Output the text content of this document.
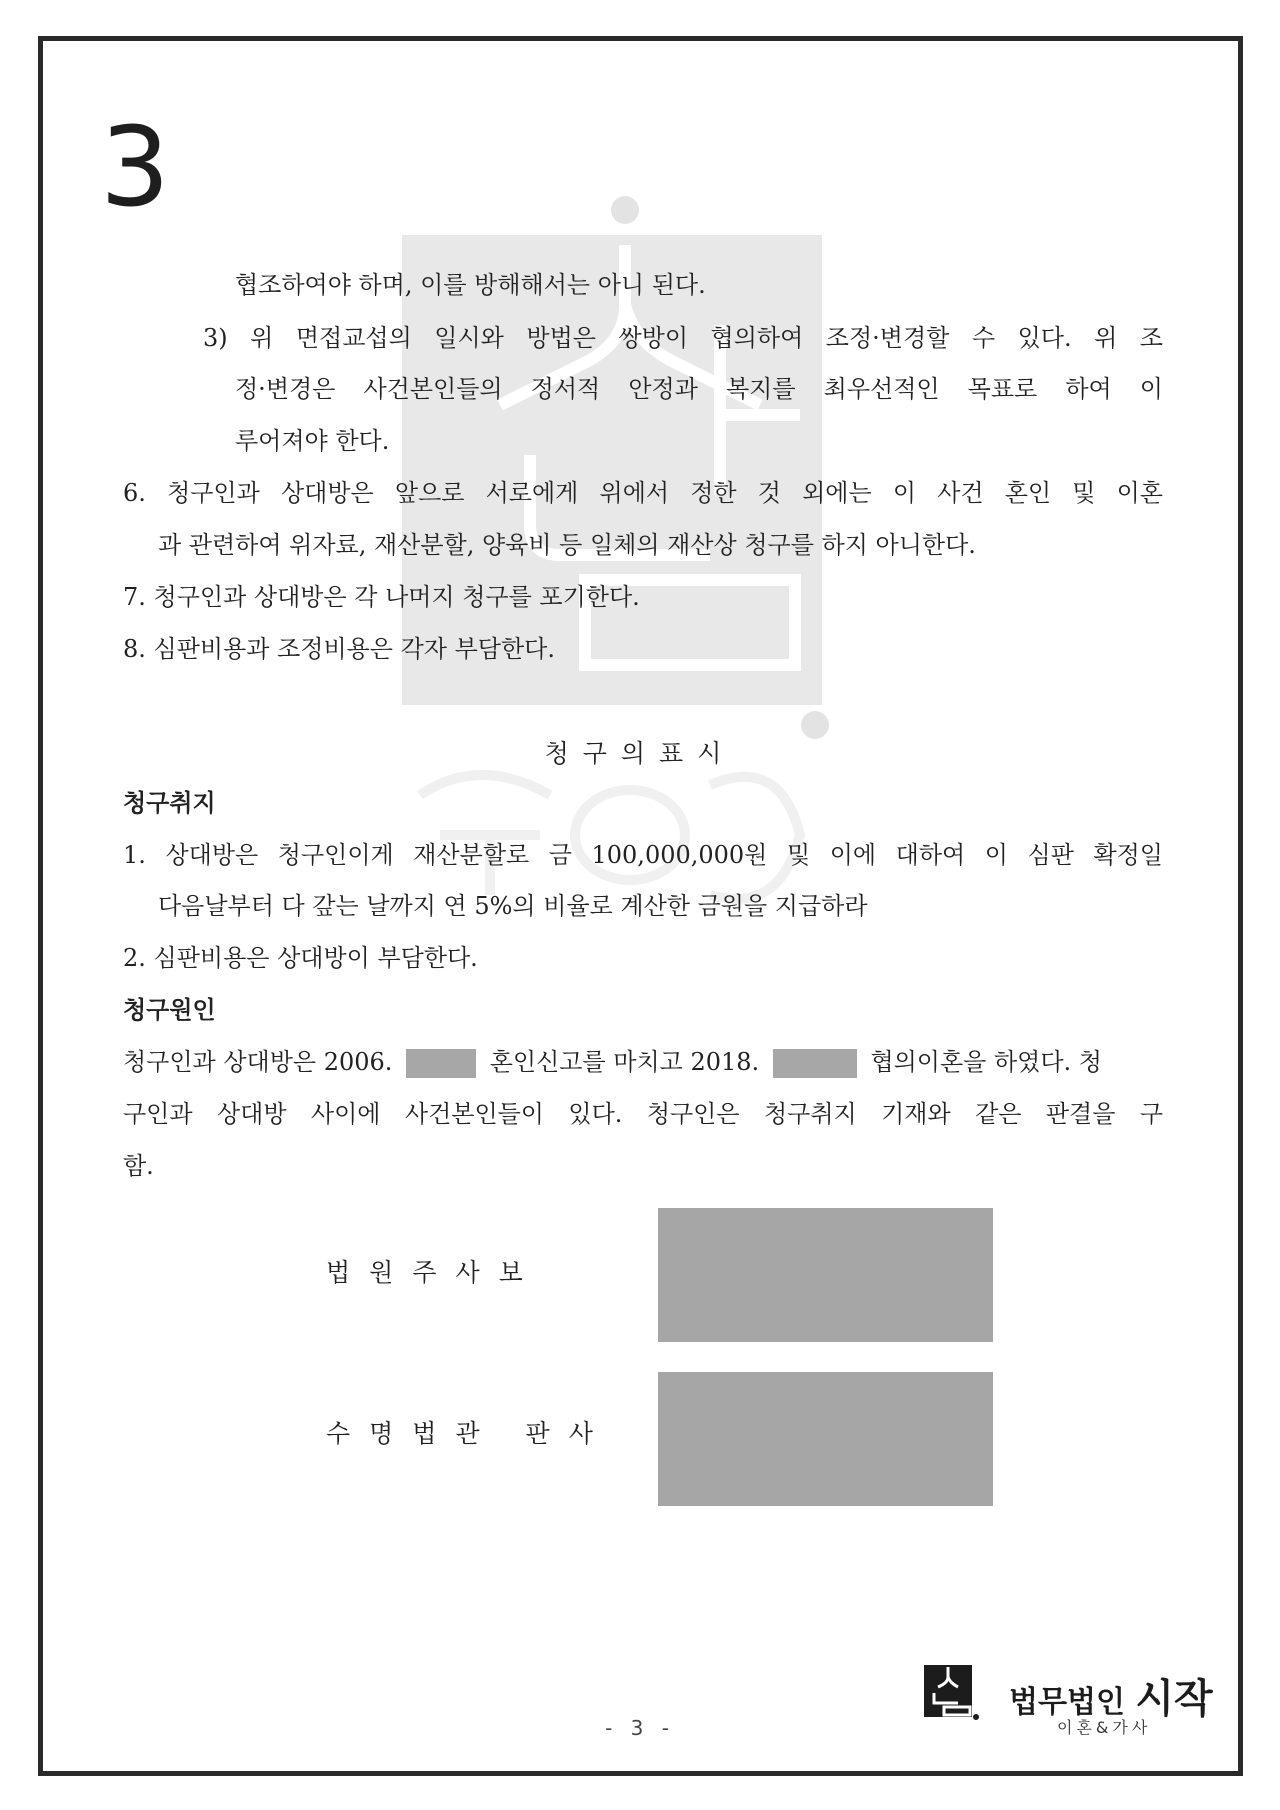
3
협조하여야 하며, 이를 방해해서는 아니 된다.
3) 위 면접교섭의 일시와 방법은 쌍방이 협의하여 조정·변경할 수 있다. 위 조
정·변경은 사건본인들의 정서적 안정과 복지를 최우선적인 목표로 하여 이
루어져야 한다.
6. 청구인과 상대방은 앞으로 서로에게 위에서 정한 것 외에는 이 사건 혼인 및 이혼
과 관련하여 위자료, 재산분할, 양육비 등 일체의 재산상 청구를 하지 아니한다.
7. 청구인과 상대방은 각 나머지 청구를 포기한다.
8. 심판비용과 조정비용은 각자 부담한다.
청구의표시
청구취지
1. 상대방은 청구인이게 재산분할로 금 100,000,000원 및 이에 대하여 이 심판 확정일
다음날부터 다 갚는 날까지 연 5%의 비율로 계산한 금원을 지급하라
2. 심판비용은 상대방이 부담한다.
청구원인
청구인과 상대방은 2006.	혼인신고를 마치고 2018.	협의이혼을 하였다. 청
구인과 상대방 사이에 사건본인들이 있다. 청구인은 청구취지 기재와 같은 판결을 구
함.
법원주사보
수명법관 판사
- 3 -
법무법인 시작
이혼&가사
